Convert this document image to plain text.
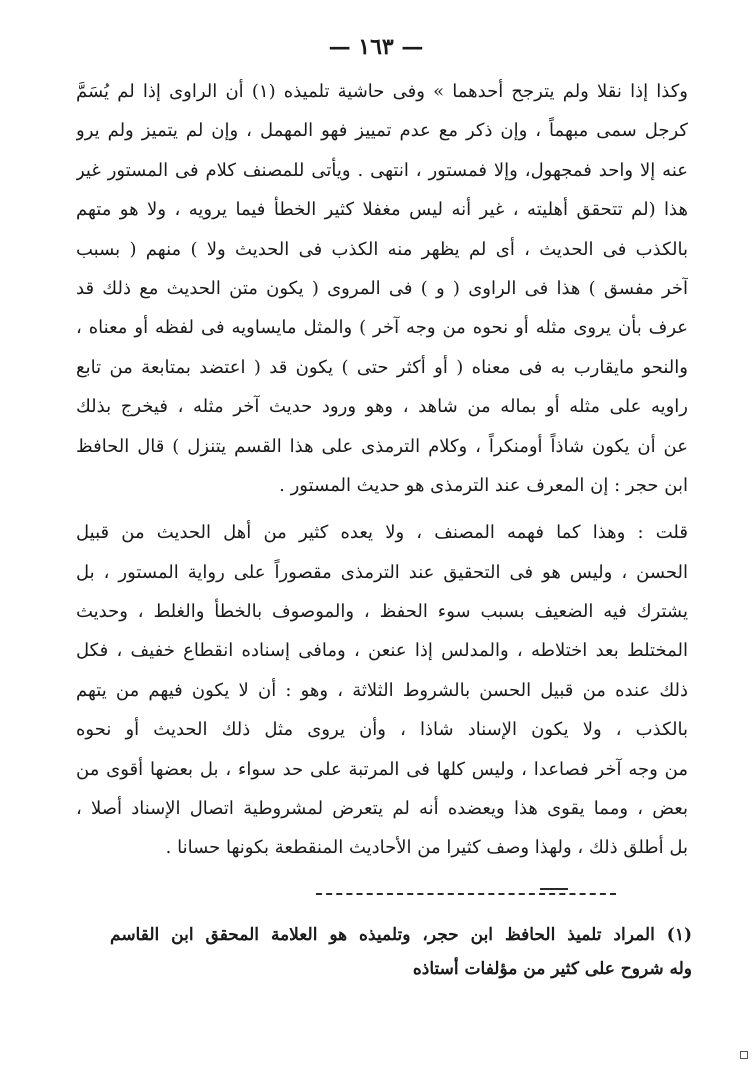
— ١٦٣ —
وكذا إذا نقلا ولم يترجح أحدهما » وفى حاشية تلميذه (١) أن الراوى إذا لم يُسَمَّ
كرجل سمى مبهماً ، وإن ذكر مع عدم تمييز فهو المهمل ، وإن لم يتميز ولم يرو
عنه إلا واحد فمجهول، وإلا فمستور ، انتهى . ويأتى للمصنف كلام فى المستور غير
هذا (لم تتحقق أهليته ، غير أنه ليس مغفلا كثير الخطأ فيما يرويه ، ولا هو متهم
بالكذب فى الحديث ، أى لم يظهر منه الكذب فى الحديث ولا ) منهم ( بسبب
آخر مفسق ) هذا فى الراوى ( و ) فى المروى ( يكون متن الحديث مع ذلك قد
عرف بأن يروى مثله أو نحوه من وجه آخر ) والمثل مايساويه فى لفظه أو معناه ،
والنحو مايقارب به فى معناه ( أو أكثر حتى ) يكون قد ( اعتضد بمتابعة من تابع
راويه على مثله أو بماله من شاهد ، وهو ورود حديث آخر مثله ، فيخرج بذلك
عن أن يكون شاذاً أومنكراً ، وكلام الترمذى على هذا القسم يتنزل ) قال الحافظ
ابن حجر : إن المعرف عند الترمذى هو حديث المستور .
قلت : وهذا كما فهمه المصنف ، ولا يعده كثير من أهل الحديث من قبيل
الحسن ، وليس هو فى التحقيق عند الترمذى مقصوراً على رواية المستور ، بل
يشترك فيه الضعيف بسبب سوء الحفظ ، والموصوف بالخطأ والغلط ، وحديث
المختلط بعد اختلاطه ، والمدلس إذا عنعن ، ومافى إسناده انقطاع خفيف ، فكل
ذلك عنده من قبيل الحسن بالشروط الثلاثة ، وهو : أن لا يكون فيهم من يتهم
بالكذب ، ولا يكون الإسناد شاذا ، وأن يروى مثل ذلك الحديث أو نحوه
من وجه آخر فصاعدا ، وليس كلها فى المرتبة على حد سواء ، بل بعضها أقوى من
بعض ، ومما يقوى هذا ويعضده أنه لم يتعرض لمشروطية اتصال الإسناد أصلا ،
بل أطلق ذلك ، ولهذا وصف كثيرا من الأحاديث المنقطعة بكونها حسانا .
(١) المراد تلميذ الحافظ ابن حجر، وتلميذه هو العلامة المحقق ابن القاسم
وله شروح على كثير من مؤلفات أستاذه
